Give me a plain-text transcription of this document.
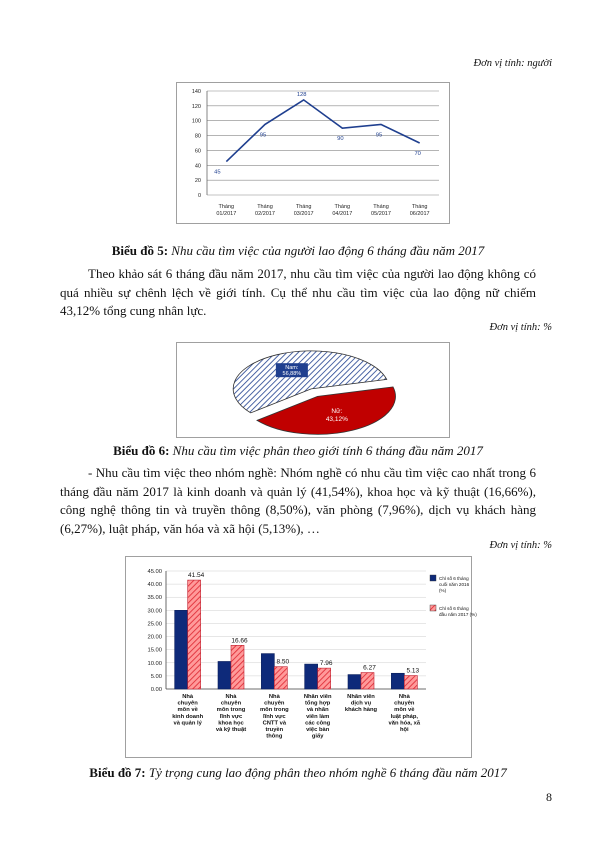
Đơn vị tính: người
0
20
40
60
80
100
120
140
45
95
128
90
95
70
Tháng
01/2017
Tháng
02/2017
Tháng
03/2017
Tháng
04/2017
Tháng
05/2017
Tháng
06/2017
Biểu đồ 5: Nhu cầu tìm việc của người lao động 6 tháng đầu năm 2017
Theo khảo sát 6 tháng đầu năm 2017, nhu cầu tìm việc của người lao động không có quá nhiều sự chênh lệch về giới tính. Cụ thể nhu cầu tìm việc của lao động nữ chiếm 43,12% tổng cung nhân lực.
Đơn vị tính: %
Nữ:
43,12%
Nam:
56,88%
Biểu đồ 6: Nhu cầu tìm việc phân theo giới tính 6 tháng đầu năm 2017
- Nhu cầu tìm việc theo nhóm nghề: Nhóm nghề có nhu cầu tìm việc cao nhất trong 6 tháng đầu năm 2017 là kinh doanh và quản lý (41,54%), khoa học và kỹ thuật (16,66%), công nghệ thông tin và truyền thông (8,50%), văn phòng (7,96%), dịch vụ khách hàng (6,27%), luật pháp, văn hóa và xã hội (5,13%), …
Đơn vị tính: %
0.00
5.00
10.00
15.00
20.00
25.00
30.00
35.00
40.00
45.00
41.54
Nhà
chuyên
môn về
kinh doanh
và quản lý
16.66
Nhà
chuyên
môn trong
lĩnh vực
khoa học
và kỹ thuật
8.50
Nhà
chuyên
môn trong
lĩnh vực
CNTT và
truyền
thông
7.96
Nhân viên
tổng hợp
và nhân
viên làm
các công
việc bàn
giấy
6.27
Nhân viên
dịch vụ
khách hàng
5.13
Nhà
chuyên
môn về
luật pháp,
văn hóa, xã
hội
Chỉ số 6 tháng
cuối năm 2016
(%)
Chỉ số 6 tháng
đầu năm 2017 (%)
Biểu đồ 7: Tỷ trọng cung lao động phân theo nhóm nghề 6 tháng đầu năm 2017
8
